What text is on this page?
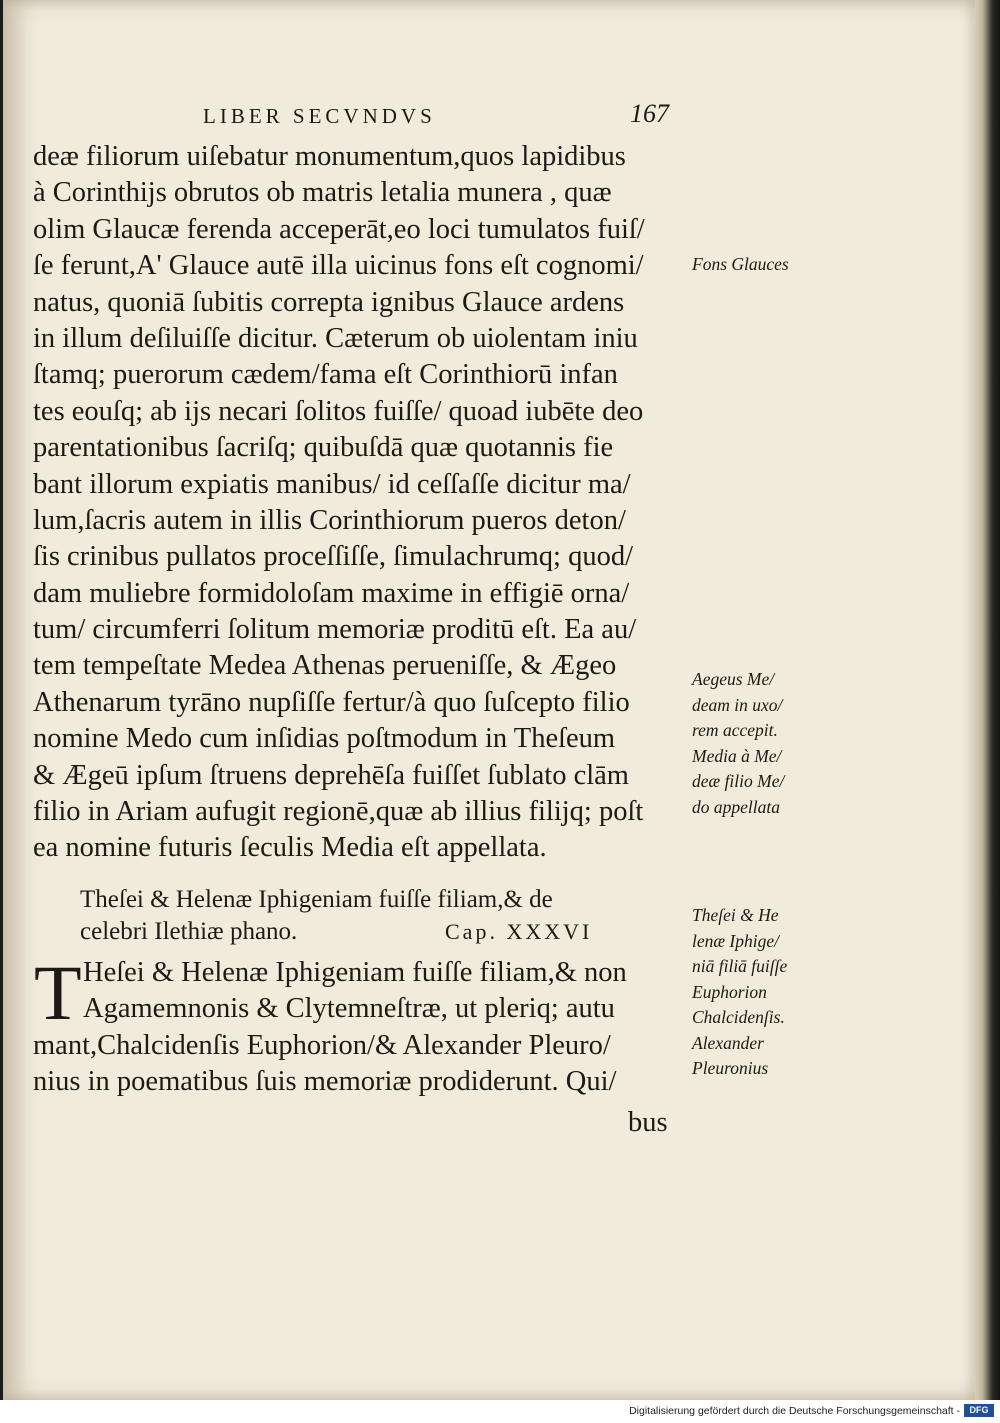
LIBER SECVNDVS	167
deæ filiorum uiſebatur monumentum,quos lapidibus
à Corinthijs obrutos ob matris letalia munera , quæ
olim Glaucæ ferenda acceperāt,eo loci tumulatos fuiſ/
ſe ferunt,A' Glauce autē illa uicinus fons eſt cognomi/
natus, quoniā ſubitis correpta ignibus Glauce ardens
in illum deſiluiſſe dicitur. Cæterum ob uiolentam iniu
ſtamq; puerorum cædem/fama eſt Corinthiorū infan
tes eouſq; ab ijs necari ſolitos fuiſſe/ quoad iubēte deo
parentationibus ſacriſq; quibuſdā quæ quotannis fie
bant illorum expiatis manibus/ id ceſſaſſe dicitur ma/
lum,ſacris autem in illis Corinthiorum pueros deton/
ſis crinibus pullatos proceſſiſſe, ſimulachrumq; quod/
dam muliebre formidoloſam maxime in effigiē orna/
tum/ circumferri ſolitum memoriæ proditū eſt. Ea au/
tem tempeſtate Medea Athenas perueniſſe, & Ægeo
Athenarum tyrāno nupſiſſe fertur/à quo ſuſcepto filio
nomine Medo cum inſidias poſtmodum in Theſeum
& Ægeū ipſum ſtruens deprehēſa fuiſſet ſublato clām
filio in Ariam aufugit regionē,quæ ab illius filijq; poſt
ea nomine futuris ſeculis Media eſt appellata.
Theſei & Helenæ Iphigeniam fuiſſe filiam,& de
celebri Ilethiæ phano.	Cap. XXXVI
T Heſei & Helenæ Iphigeniam fuiſſe filiam,& non
Agamemnonis & Clytemneſtræ, ut pleriq; autu
mant,Chalcidenſis Euphorion/& Alexander Pleuro/
nius in poematibus ſuis memoriæ prodiderunt. Qui/
bus
Fons Glauces
Aegeus Me/
deam in uxo/
rem accepit.
Media à Me/
deæ filio Me/
do appellata
Theſei & He
lenæ Iphige/
niā filiā fuiſſe
Euphorion
Chalcidenſis.
Alexander
Pleuronius
Digitalisierung gefördert durch die Deutsche Forschungsgemeinschaft -	DFG
